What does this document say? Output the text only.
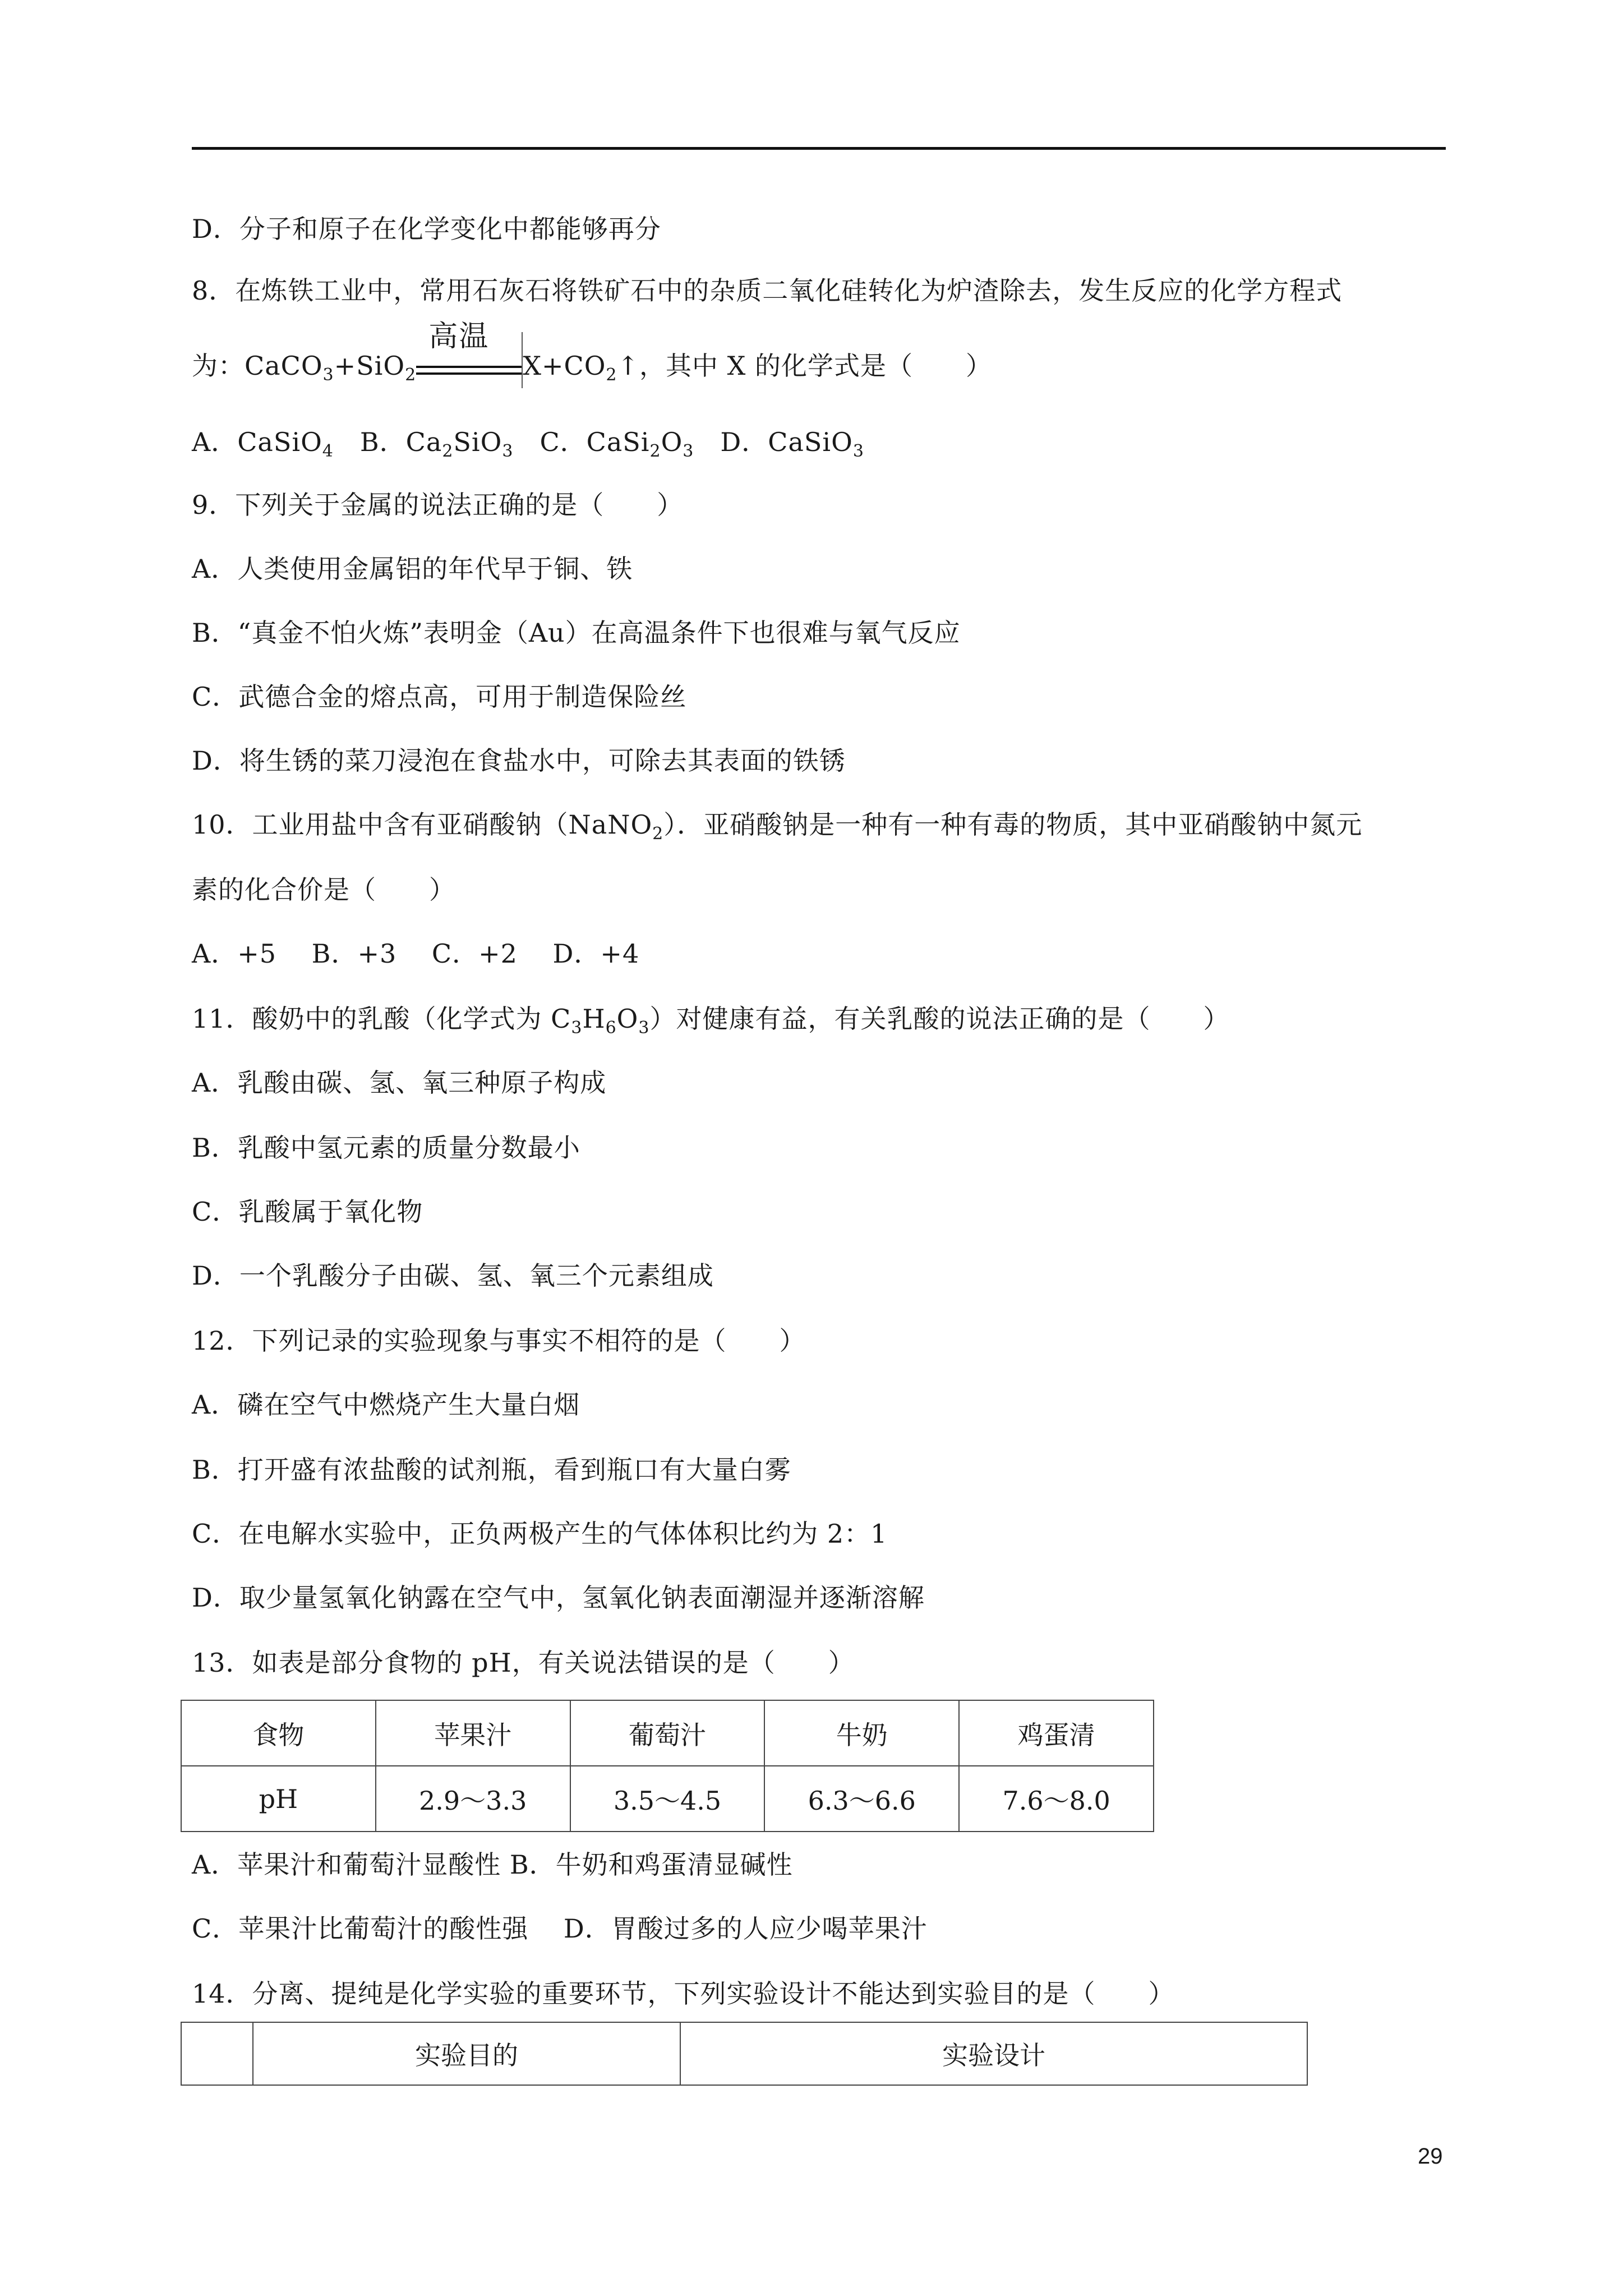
D．分子和原子在化学变化中都能够再分
8．在炼铁工业中，常用石灰石将铁矿石中的杂质二氧化硅转化为炉渣除去，发生反应的化学方程式
为：CaCO$_3$+SiO$_2$
高温
$X+CO_2↑$，其中 X 的化学式是（　　）
A．CaSiO$_4$　B．$Ca_2SiO_3$　C．$CaSi_2O_3$　D．CaSiO$_3$
9．下列关于金属的说法正确的是（　　）
A．人类使用金属铝的年代早于铜、铁
B．“真金不怕火炼”表明金（Au）在高温条件下也很难与氧气反应
C．武德合金的熔点高，可用于制造保险丝
D．将生锈的菜刀浸泡在食盐水中，可除去其表面的铁锈
10．工业用盐中含有亚硝酸钠（NaNO$_2$）．亚硝酸钠是一种有一种有毒的物质，其中亚硝酸钠中氮元
素的化合价是（　　）
A．+5　 B．+3　 C．+2　 D．+4
11．酸奶中的乳酸（化学式为 $C_3H_6O_3$）对健康有益，有关乳酸的说法正确的是（　　）
A．乳酸由碳、氢、氧三种原子构成
B．乳酸中氢元素的质量分数最小
C．乳酸属于氧化物
D．一个乳酸分子由碳、氢、氧三个元素组成
12．下列记录的实验现象与事实不相符的是（　　）
A．磷在空气中燃烧产生大量白烟
B．打开盛有浓盐酸的试剂瓶，看到瓶口有大量白雾
C．在电解水实验中，正负两极产生的气体体积比约为 2：1
D．取少量氢氧化钠露在空气中，氢氧化钠表面潮湿并逐渐溶解
13．如表是部分食物的 pH，有关说法错误的是（　　）
食物	苹果汁	葡萄汁	牛奶	鸡蛋清
pH	2.9～3.3	3.5～4.5	6.3～6.6	7.6～8.0
A．苹果汁和葡萄汁显酸性 B．牛奶和鸡蛋清显碱性
C．苹果汁比葡萄汁的酸性强　 D．胃酸过多的人应少喝苹果汁
14．分离、提纯是化学实验的重要环节，下列实验设计不能达到实验目的是（　　）
	实验目的	实验设计
29
